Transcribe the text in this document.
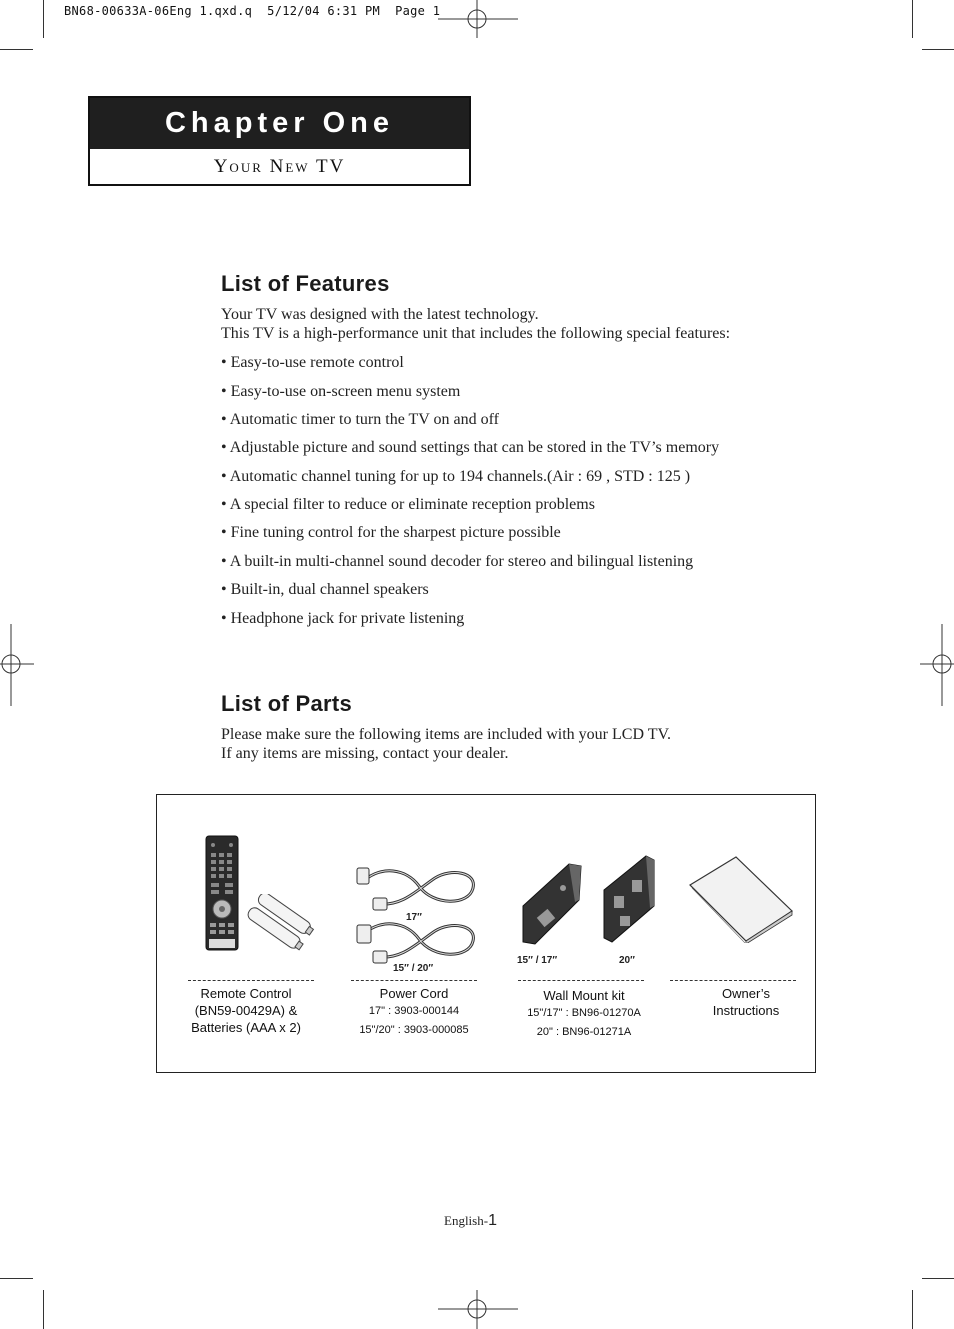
BN68-00633A-06Eng 1.qxd.q  5/12/04 6:31 PM  Page 1
Chapter One
Your New TV
List of Features

Your TV was designed with the latest technology.

This TV is a high-performance unit that includes the following special features:

• Easy-to-use remote control

• Easy-to-use on-screen menu system

• Automatic timer to turn the TV on and off

• Adjustable picture and sound settings that can be stored in the TV’s memory

• Automatic channel tuning for up to 194 channels.(Air : 69 , STD : 125 )

• A special filter to reduce or eliminate reception problems

• Fine tuning control for the sharpest picture possible

• A built-in multi-channel sound decoder for stereo and bilingual listening

• Built-in, dual channel speakers

• Headphone jack for private listening

List of Parts

Please make sure the following items are included with your LCD TV.

If any items are missing, contact your dealer.

17″
15″ / 20″
15″ / 17″	20″
Remote Control
(BN59-00429A) &
Batteries (AAA x 2)
Power Cord
17" : 3903-000144
15"/20" : 3903-000085
Wall Mount kit
15"/17" : BN96-01270A
20" : BN96-01271A
Owner’s
Instructions
English-1
